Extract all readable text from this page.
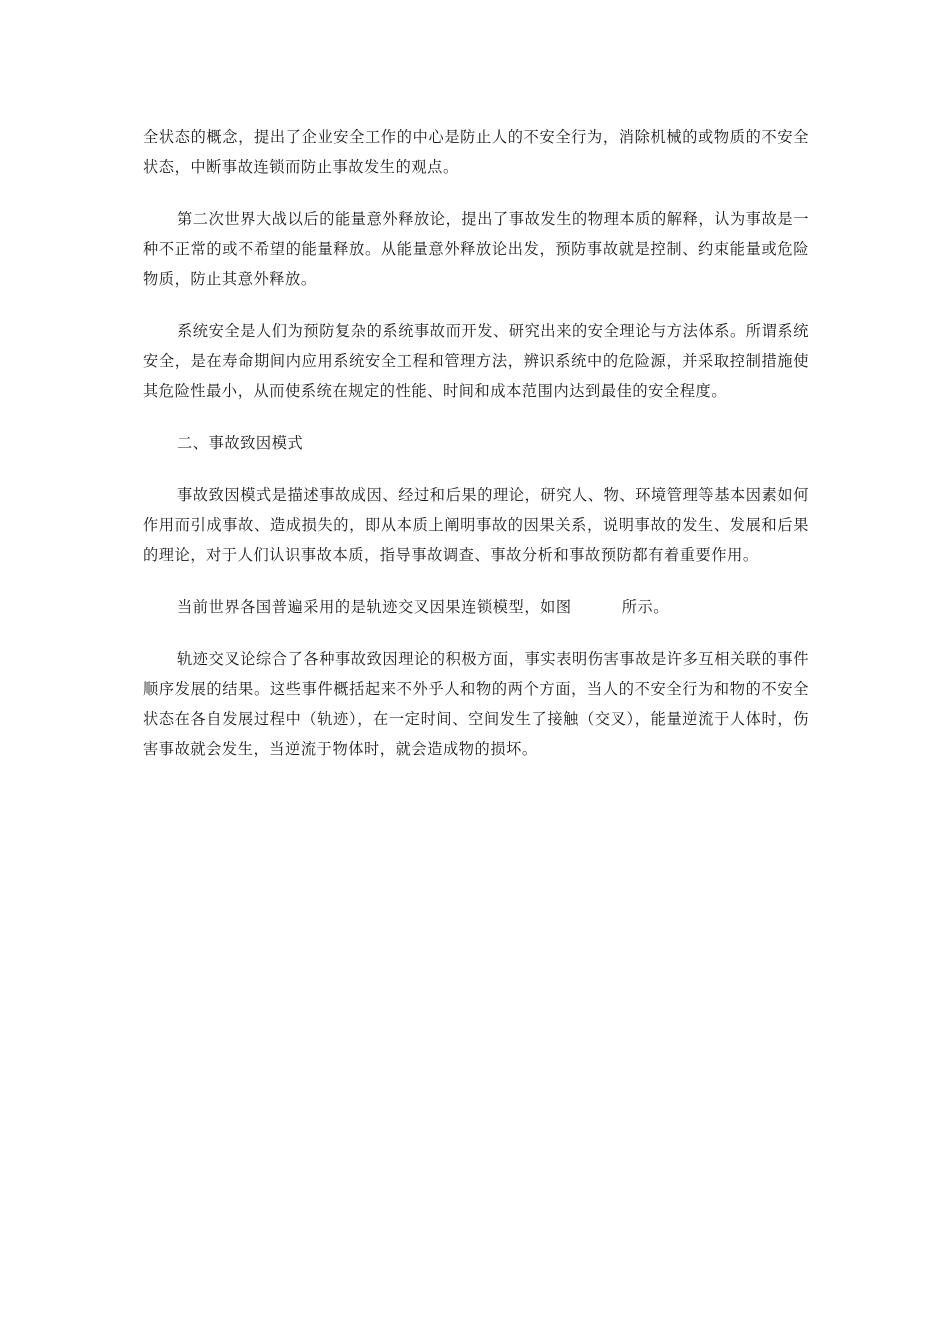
全状态的概念，提出了企业安全工作的中心是防止人的不安全行为，消除机械的或物质的不安全状态，中断事故连锁而防止事故发生的观点。

第二次世界大战以后的能量意外释放论，提出了事故发生的物理本质的解释，认为事故是一种不正常的或不希望的能量释放。从能量意外释放论出发，预防事故就是控制、约束能量或危险物质，防止其意外释放。

系统安全是人们为预防复杂的系统事故而开发、研究出来的安全理论与方法体系。所谓系统安全，是在寿命期间内应用系统安全工程和管理方法，辨识系统中的危险源，并采取控制措施使其危险性最小，从而使系统在规定的性能、时间和成本范围内达到最佳的安全程度。

二、事故致因模式

事故致因模式是描述事故成因、经过和后果的理论，研究人、物、环境管理等基本因素如何作用而引成事故、造成损失的，即从本质上阐明事故的因果关系，说明事故的发生、发展和后果的理论，对于人们认识事故本质，指导事故调查、事故分析和事故预防都有着重要作用。

当前世界各国普遍采用的是轨迹交叉因果连锁模型，如图	所示。

轨迹交叉论综合了各种事故致因理论的积极方面，事实表明伤害事故是许多互相关联的事件顺序发展的结果。这些事件概括起来不外乎人和物的两个方面，当人的不安全行为和物的不安全状态在各自发展过程中（轨迹），在一定时间、空间发生了接触（交叉），能量逆流于人体时，伤害事故就会发生，当逆流于物体时，就会造成物的损坏。
